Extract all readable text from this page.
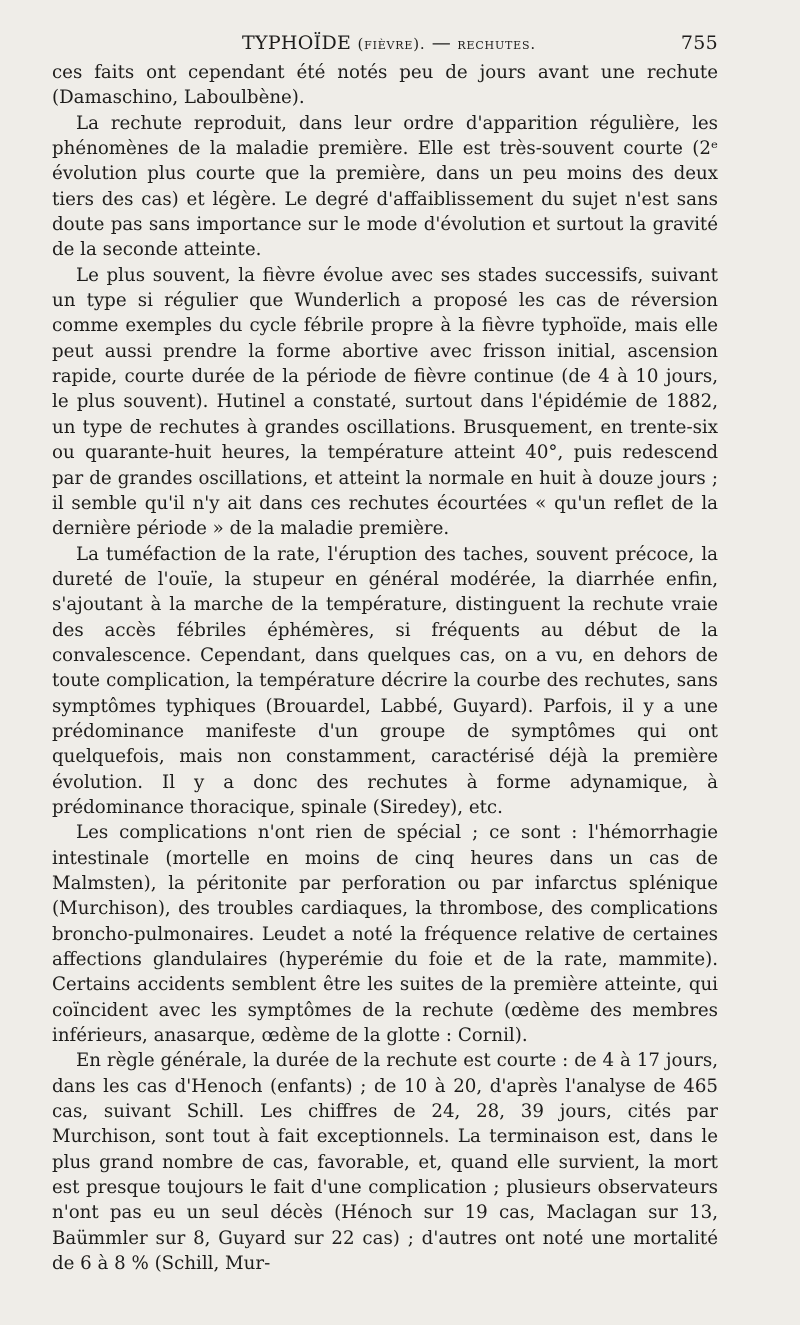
TYPHOÏDE (fièvre). — rechutes.	755

ces faits ont cependant été notés peu de jours avant une rechute (Damaschino, Laboulbène).

La rechute reproduit, dans leur ordre d'apparition régulière, les phénomènes de la maladie première. Elle est très-souvent courte (2ᵉ évolution plus courte que la première, dans un peu moins des deux tiers des cas) et légère. Le degré d'affaiblissement du sujet n'est sans doute pas sans importance sur le mode d'évolution et surtout la gravité de la seconde atteinte.

Le plus souvent, la fièvre évolue avec ses stades successifs, suivant un type si régulier que Wunderlich a proposé les cas de réversion comme exemples du cycle fébrile propre à la fièvre typhoïde, mais elle peut aussi prendre la forme abortive avec frisson initial, ascension rapide, courte durée de la période de fièvre continue (de 4 à 10 jours, le plus souvent). Hutinel a constaté, surtout dans l'épidémie de 1882, un type de rechutes à grandes oscillations. Brusquement, en trente-six ou quarante-huit heures, la température atteint 40°, puis redescend par de grandes oscillations, et atteint la normale en huit à douze jours ; il semble qu'il n'y ait dans ces rechutes écourtées « qu'un reflet de la dernière période » de la maladie première.

La tuméfaction de la rate, l'éruption des taches, souvent précoce, la dureté de l'ouïe, la stupeur en général modérée, la diarrhée enfin, s'ajoutant à la marche de la température, distinguent la rechute vraie des accès fébriles éphémères, si fréquents au début de la convalescence. Cependant, dans quelques cas, on a vu, en dehors de toute complication, la température décrire la courbe des rechutes, sans symptômes typhiques (Brouardel, Labbé, Guyard). Parfois, il y a une prédominance manifeste d'un groupe de symptômes qui ont quelquefois, mais non constamment, caractérisé déjà la première évolution. Il y a donc des rechutes à forme adynamique, à prédominance thoracique, spinale (Siredey), etc.

Les complications n'ont rien de spécial ; ce sont : l'hémorrhagie intestinale (mortelle en moins de cinq heures dans un cas de Malmsten), la péritonite par perforation ou par infarctus splénique (Murchison), des troubles cardiaques, la thrombose, des complications broncho-pulmonaires. Leudet a noté la fréquence relative de certaines affections glandulaires (hyperémie du foie et de la rate, mammite). Certains accidents semblent être les suites de la première atteinte, qui coïncident avec les symptômes de la rechute (œdème des membres inférieurs, anasarque, œdème de la glotte : Cornil).

En règle générale, la durée de la rechute est courte : de 4 à 17 jours, dans les cas d'Henoch (enfants) ; de 10 à 20, d'après l'analyse de 465 cas, suivant Schill. Les chiffres de 24, 28, 39 jours, cités par Murchison, sont tout à fait exceptionnels. La terminaison est, dans le plus grand nombre de cas, favorable, et, quand elle survient, la mort est presque toujours le fait d'une complication ; plusieurs observateurs n'ont pas eu un seul décès (Hénoch sur 19 cas, Maclagan sur 13, Baümmler sur 8, Guyard sur 22 cas) ; d'autres ont noté une mortalité de 6 à 8 % (Schill, Mur-
